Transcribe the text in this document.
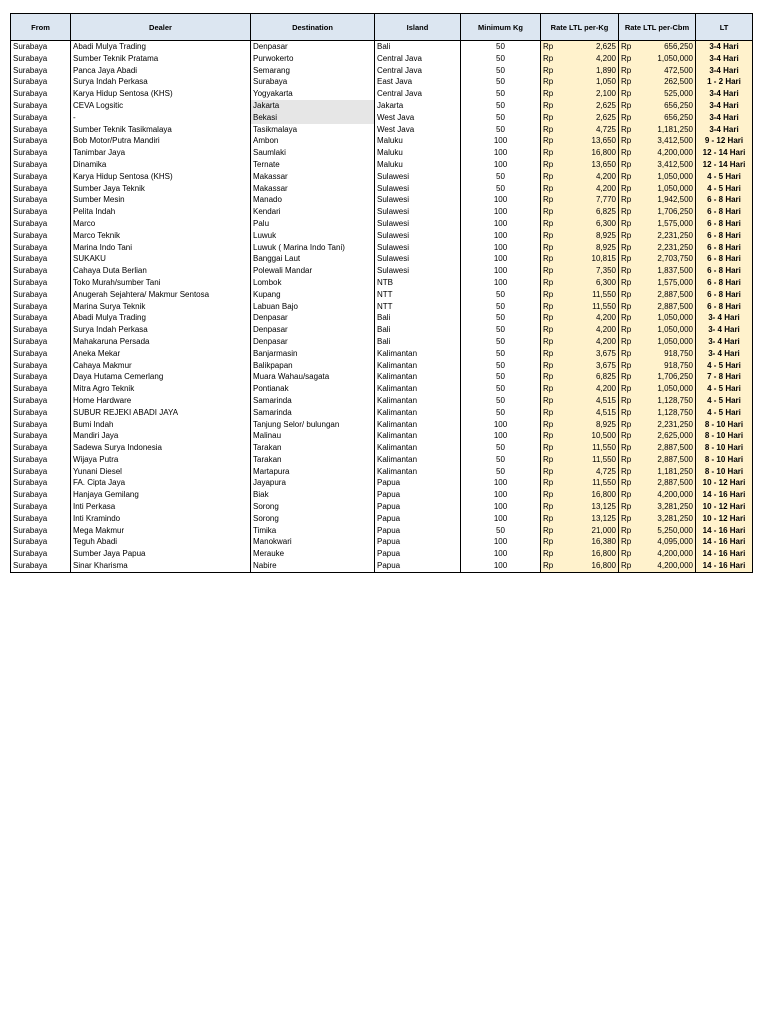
From	Dealer	Destination	Island	Minimum Kg	Rate LTL per-Kg	Rate LTL per-Cbm	LT
Surabaya	Abadi Mulya Trading	Denpasar	Bali	50	Rp 2,625	Rp 656,250	3-4 Hari
Surabaya	Sumber Teknik Pratama	Purwokerto	Central Java	50	Rp 4,200	Rp 1,050,000	3-4 Hari
Surabaya	Panca Jaya Abadi	Semarang	Central Java	50	Rp 1,890	Rp 472,500	3-4 Hari
Surabaya	Surya Indah Perkasa	Surabaya	East Java	50	Rp 1,050	Rp 262,500	1 - 2 Hari
Surabaya	Karya Hidup Sentosa (KHS)	Yogyakarta	Central Java	50	Rp 2,100	Rp 525,000	3-4 Hari
Surabaya	CEVA Logsitic	Jakarta	Jakarta	50	Rp 2,625	Rp 656,250	3-4 Hari
Surabaya	-	Bekasi	West Java	50	Rp 2,625	Rp 656,250	3-4 Hari
Surabaya	Sumber Teknik Tasikmalaya	Tasikmalaya	West Java	50	Rp 4,725	Rp 1,181,250	3-4 Hari
Surabaya	Bob Motor/Putra Mandiri	Ambon	Maluku	100	Rp 13,650	Rp 3,412,500	9 - 12 Hari
Surabaya	Tanimbar Jaya	Saumlaki	Maluku	100	Rp 16,800	Rp 4,200,000	12 - 14 Hari
Surabaya	Dinamika	Ternate	Maluku	100	Rp 13,650	Rp 3,412,500	12 - 14 Hari
Surabaya	Karya Hidup Sentosa (KHS)	Makassar	Sulawesi	50	Rp 4,200	Rp 1,050,000	4 - 5 Hari
Surabaya	Sumber Jaya Teknik	Makassar	Sulawesi	50	Rp 4,200	Rp 1,050,000	4 - 5 Hari
Surabaya	Sumber Mesin	Manado	Sulawesi	100	Rp 7,770	Rp 1,942,500	6 - 8 Hari
Surabaya	Pelita Indah	Kendari	Sulawesi	100	Rp 6,825	Rp 1,706,250	6 - 8 Hari
Surabaya	Marco	Palu	Sulawesi	100	Rp 6,300	Rp 1,575,000	6 - 8 Hari
Surabaya	Marco Teknik	Luwuk	Sulawesi	100	Rp 8,925	Rp 2,231,250	6 - 8 Hari
Surabaya	Marina Indo Tani	Luwuk ( Marina Indo Tani)	Sulawesi	100	Rp 8,925	Rp 2,231,250	6 - 8 Hari
Surabaya	SUKAKU	Banggai Laut	Sulawesi	100	Rp 10,815	Rp 2,703,750	6 - 8 Hari
Surabaya	Cahaya Duta Berlian	Polewali Mandar	Sulawesi	100	Rp 7,350	Rp 1,837,500	6 - 8 Hari
Surabaya	Toko Murah/sumber Tani	Lombok	NTB	100	Rp 6,300	Rp 1,575,000	6 - 8 Hari
Surabaya	Anugerah Sejahtera/ Makmur Sentosa	Kupang	NTT	50	Rp 11,550	Rp 2,887,500	6 - 8 Hari
Surabaya	Marina Surya Teknik	Labuan Bajo	NTT	50	Rp 11,550	Rp 2,887,500	6 - 8 Hari
Surabaya	Abadi Mulya Trading	Denpasar	Bali	50	Rp 4,200	Rp 1,050,000	3- 4 Hari
Surabaya	Surya Indah Perkasa	Denpasar	Bali	50	Rp 4,200	Rp 1,050,000	3- 4 Hari
Surabaya	Mahakaruna Persada	Denpasar	Bali	50	Rp 4,200	Rp 1,050,000	3- 4 Hari
Surabaya	Aneka Mekar	Banjarmasin	Kalimantan	50	Rp 3,675	Rp 918,750	3- 4 Hari
Surabaya	Cahaya Makmur	Balikpapan	Kalimantan	50	Rp 3,675	Rp 918,750	4 - 5 Hari
Surabaya	Daya Hutama Cemerlang	Muara Wahau/sagata	Kalimantan	50	Rp 6,825	Rp 1,706,250	7 - 8 Hari
Surabaya	Mitra Agro Teknik	Pontianak	Kalimantan	50	Rp 4,200	Rp 1,050,000	4 - 5 Hari
Surabaya	Home Hardware	Samarinda	Kalimantan	50	Rp 4,515	Rp 1,128,750	4 - 5 Hari
Surabaya	SUBUR REJEKI ABADI JAYA	Samarinda	Kalimantan	50	Rp 4,515	Rp 1,128,750	4 - 5 Hari
Surabaya	Bumi Indah	Tanjung Selor/ bulungan	Kalimantan	100	Rp 8,925	Rp 2,231,250	8 - 10 Hari
Surabaya	Mandiri Jaya	Malinau	Kalimantan	100	Rp 10,500	Rp 2,625,000	8 - 10 Hari
Surabaya	Sadewa Surya Indonesia	Tarakan	Kalimantan	50	Rp 11,550	Rp 2,887,500	8 - 10 Hari
Surabaya	Wijaya Putra	Tarakan	Kalimantan	50	Rp 11,550	Rp 2,887,500	8 - 10 Hari
Surabaya	Yunani Diesel	Martapura	Kalimantan	50	Rp 4,725	Rp 1,181,250	8 - 10 Hari
Surabaya	FA. Cipta Jaya	Jayapura	Papua	100	Rp 11,550	Rp 2,887,500	10 - 12 Hari
Surabaya	Hanjaya Gemilang	Biak	Papua	100	Rp 16,800	Rp 4,200,000	14 - 16 Hari
Surabaya	Inti Perkasa	Sorong	Papua	100	Rp 13,125	Rp 3,281,250	10 - 12 Hari
Surabaya	Inti Kramindo	Sorong	Papua	100	Rp 13,125	Rp 3,281,250	10 - 12 Hari
Surabaya	Mega Makmur	Timika	Papua	50	Rp 21,000	Rp 5,250,000	14 - 16 Hari
Surabaya	Teguh Abadi	Manokwari	Papua	100	Rp 16,380	Rp 4,095,000	14 - 16 Hari
Surabaya	Sumber Jaya Papua	Merauke	Papua	100	Rp 16,800	Rp 4,200,000	14 - 16 Hari
Surabaya	Sinar Kharisma	Nabire	Papua	100	Rp 16,800	Rp 4,200,000	14 - 16 Hari
